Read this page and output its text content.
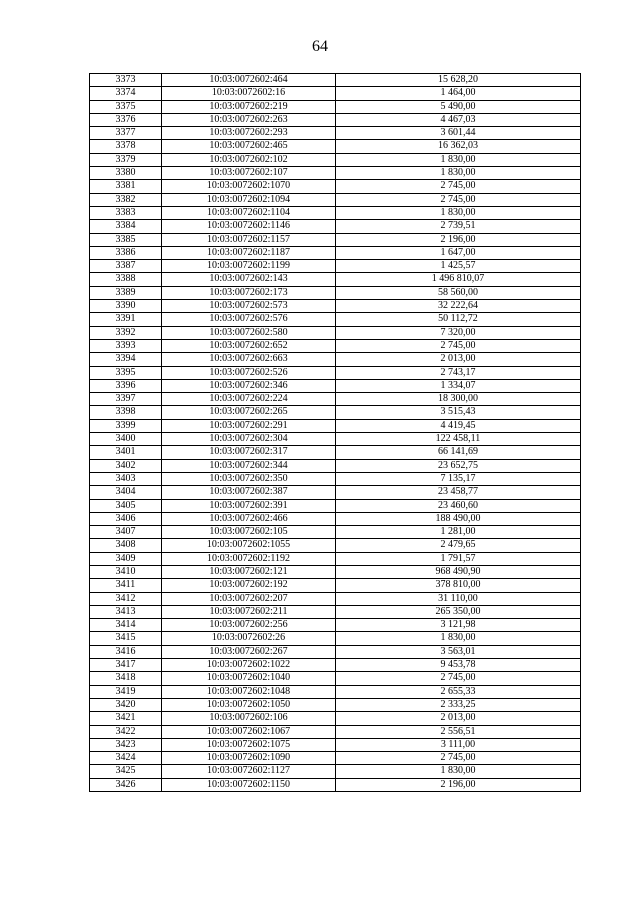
64
3373	10:03:0072602:464	15 628,20
3374	10:03:0072602:16	1 464,00
3375	10:03:0072602:219	5 490,00
3376	10:03:0072602:263	4 467,03
3377	10:03:0072602:293	3 601,44
3378	10:03:0072602:465	16 362,03
3379	10:03:0072602:102	1 830,00
3380	10:03:0072602:107	1 830,00
3381	10:03:0072602:1070	2 745,00
3382	10:03:0072602:1094	2 745,00
3383	10:03:0072602:1104	1 830,00
3384	10:03:0072602:1146	2 739,51
3385	10:03:0072602:1157	2 196,00
3386	10:03:0072602:1187	1 647,00
3387	10:03:0072602:1199	1 425,57
3388	10:03:0072602:143	1 496 810,07
3389	10:03:0072602:173	58 560,00
3390	10:03:0072602:573	32 222,64
3391	10:03:0072602:576	50 112,72
3392	10:03:0072602:580	7 320,00
3393	10:03:0072602:652	2 745,00
3394	10:03:0072602:663	2 013,00
3395	10:03:0072602:526	2 743,17
3396	10:03:0072602:346	1 334,07
3397	10:03:0072602:224	18 300,00
3398	10:03:0072602:265	3 515,43
3399	10:03:0072602:291	4 419,45
3400	10:03:0072602:304	122 458,11
3401	10:03:0072602:317	66 141,69
3402	10:03:0072602:344	23 652,75
3403	10:03:0072602:350	7 135,17
3404	10:03:0072602:387	23 458,77
3405	10:03:0072602:391	23 460,60
3406	10:03:0072602:466	188 490,00
3407	10:03:0072602:105	1 281,00
3408	10:03:0072602:1055	2 479,65
3409	10:03:0072602:1192	1 791,57
3410	10:03:0072602:121	968 490,90
3411	10:03:0072602:192	378 810,00
3412	10:03:0072602:207	31 110,00
3413	10:03:0072602:211	265 350,00
3414	10:03:0072602:256	3 121,98
3415	10:03:0072602:26	1 830,00
3416	10:03:0072602:267	3 563,01
3417	10:03:0072602:1022	9 453,78
3418	10:03:0072602:1040	2 745,00
3419	10:03:0072602:1048	2 655,33
3420	10:03:0072602:1050	2 333,25
3421	10:03:0072602:106	2 013,00
3422	10:03:0072602:1067	2 556,51
3423	10:03:0072602:1075	3 111,00
3424	10:03:0072602:1090	2 745,00
3425	10:03:0072602:1127	1 830,00
3426	10:03:0072602:1150	2 196,00
